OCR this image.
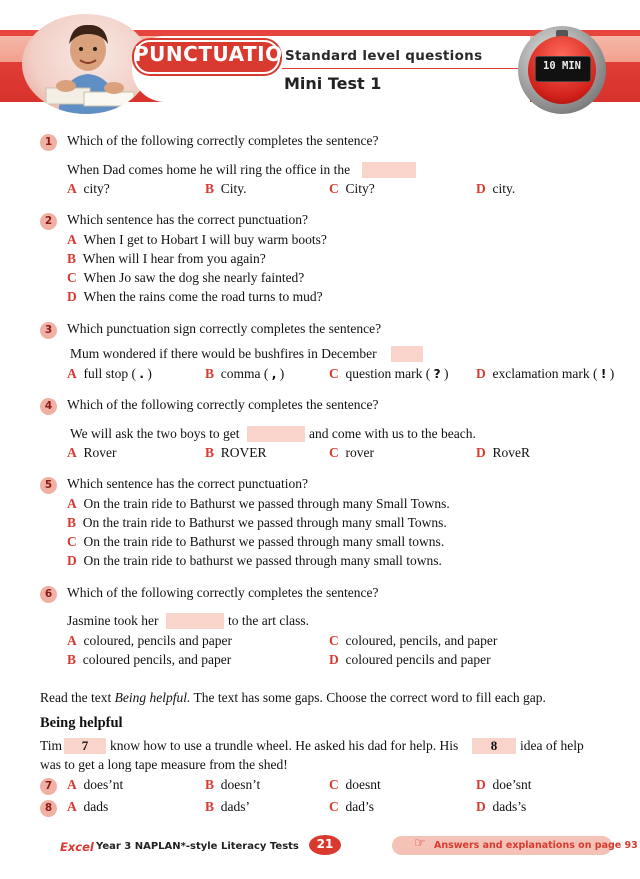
PUNCTUATION
Standard level questions
Mini Test 1
10 MIN
1	Which of the following correctly completes the sentence?
When Dad comes home he will ring the office in the
A city?	B City.	C City?	D city.
2	Which sentence has the correct punctuation?
A When I get to Hobart I will buy warm boots?
B When will I hear from you again?
C When Jo saw the dog she nearly fainted?
D When the rains come the road turns to mud?
3	Which punctuation sign correctly completes the sentence?
Mum wondered if there would be bushfires in December
A full stop ( . )	B comma ( , )	C question mark ( ? ) D exclamation mark ( ! )
4	Which of the following correctly completes the sentence?
We will ask the two boys to get	and come with us to the beach.
A Rover	B ROVER	C rover	D RoveR
5	Which sentence has the correct punctuation?
A On the train ride to Bathurst we passed through many Small Towns.
B On the train ride to Bathurst we passed through many small Towns.
C On the train ride to Bathurst we passed through many small towns.
D On the train ride to bathurst we passed through many small towns.
6	Which of the following correctly completes the sentence?
Jasmine took her	to the art class.
A coloured, pencils and paper	C coloured, pencils, and paper
B coloured pencils, and paper	D coloured pencils and paper
Read the text Being helpful. The text has some gaps. Choose the correct word to fill each gap.
Being helpful
Tim	7	know how to use a trundle wheel. He asked his dad for help. His	8	idea of help
was to get a long tape measure from the shed!
7	A does’nt	B doesn’t	C doesnt	D doe’snt
8	A dads	B dads’	C dad’s	D dads’s
Excel Year 3 NAPLAN*-style Literacy Tests	21	☞ Answers and explanations on page 93
